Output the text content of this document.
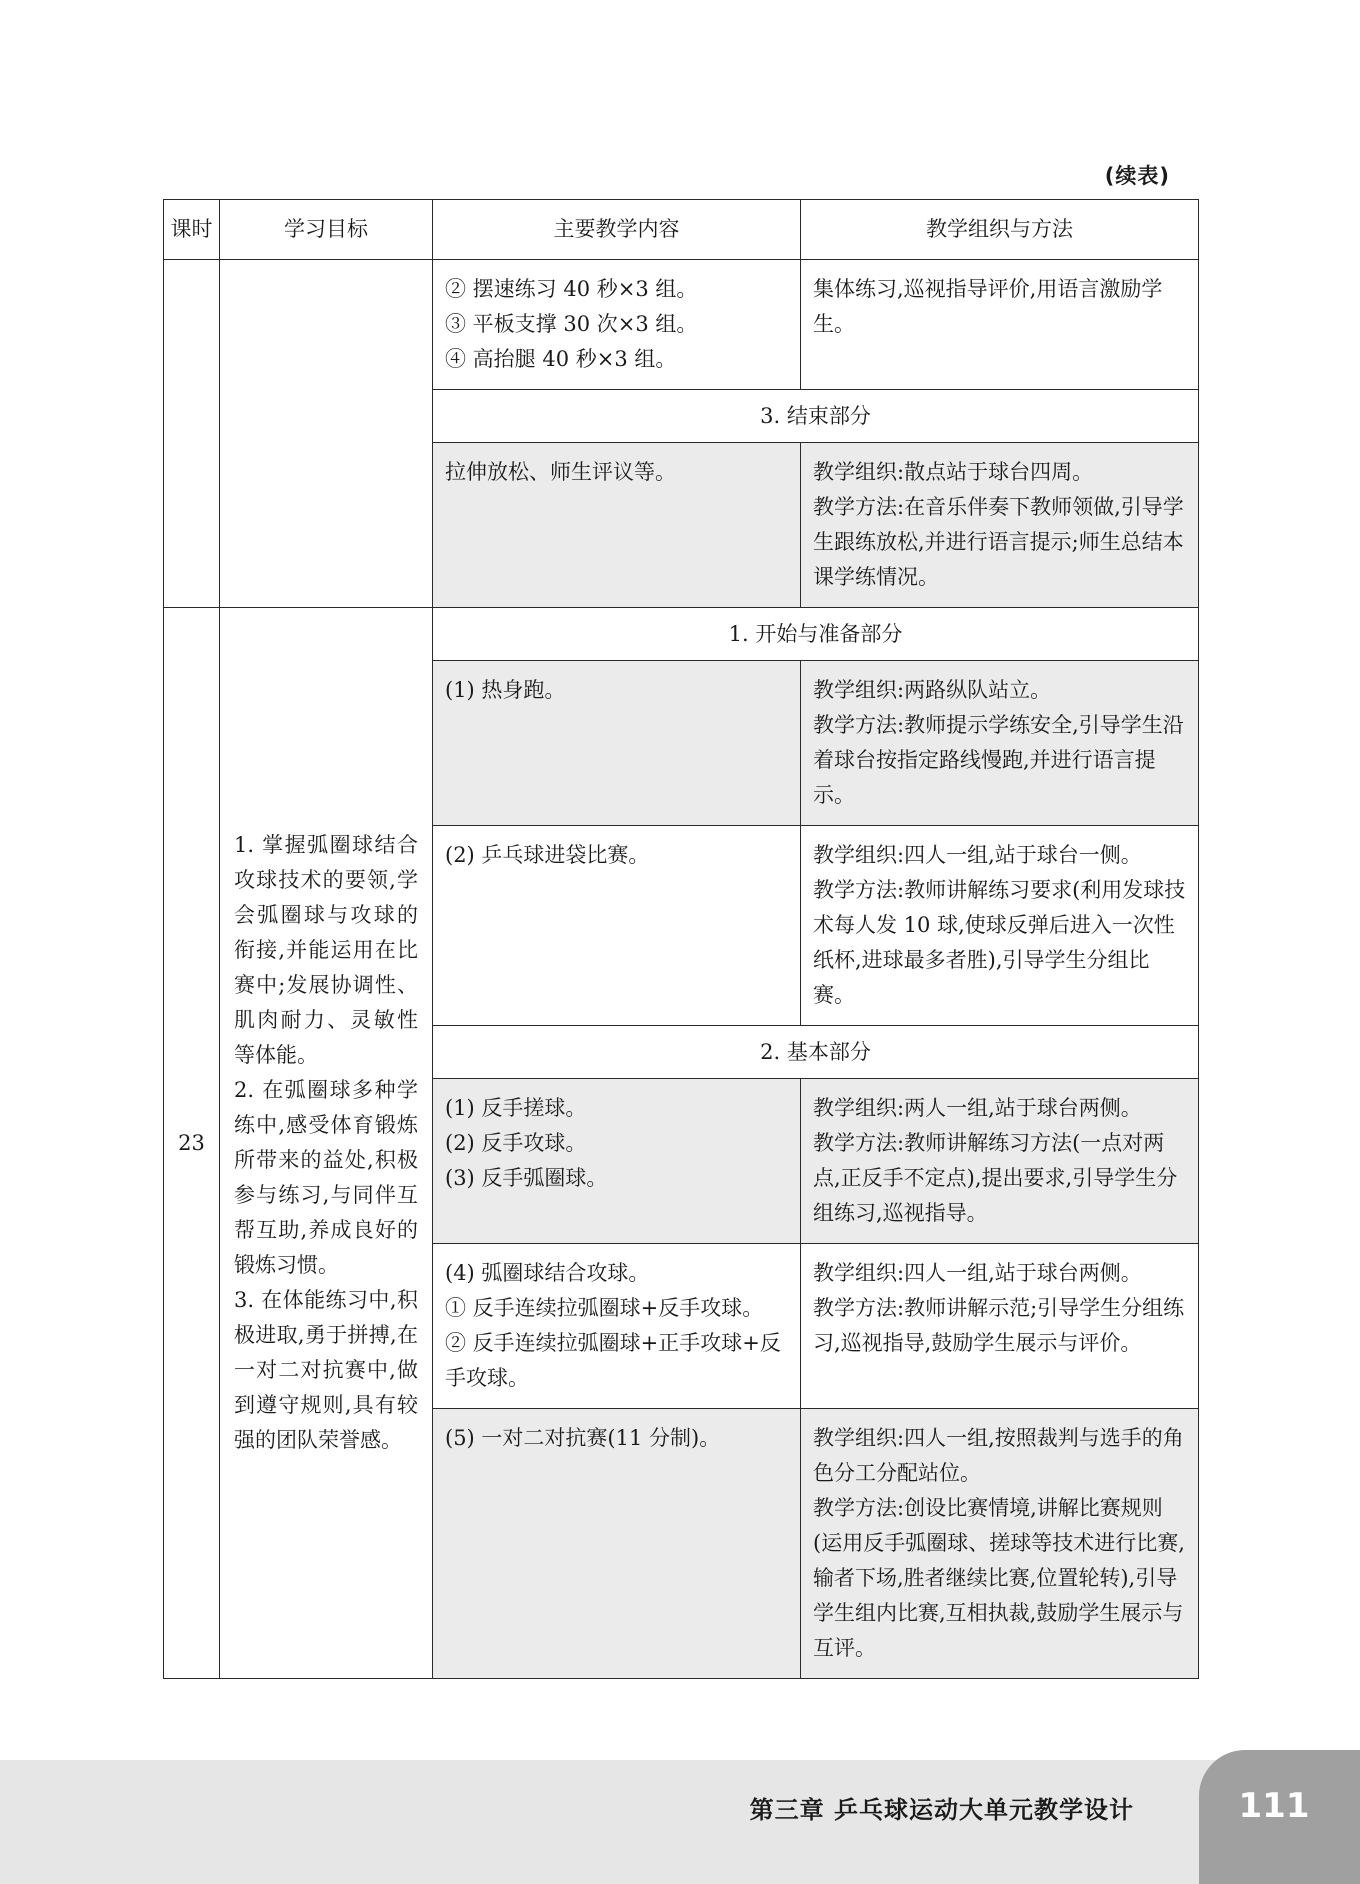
(续表)
课时	学习目标	主要教学内容	教学组织与方法

		② 摆速练习 40 秒×3 组。
③ 平板支撑 30 次×3 组。
④ 高抬腿 40 秒×3 组。	集体练习,巡视指导评价,用语言激励学生。

		3. 结束部分	

		拉伸放松、师生评议等。	教学组织:散点站于球台四周。
教学方法:在音乐伴奏下教师领做,引导学生跟练放松,并进行语言提示;师生总结本课学练情况。

23	1. 掌握弧圈球结合攻球技术的要领,学会弧圈球与攻球的衔接,并能运用在比赛中;发展协调性、肌肉耐力、灵敏性等体能。
2. 在弧圈球多种学练中,感受体育锻炼所带来的益处,积极参与练习,与同伴互帮互助,养成良好的锻炼习惯。
3. 在体能练习中,积极进取,勇于拼搏,在一对二对抗赛中,做到遵守规则,具有较强的团队荣誉感。	1. 开始与准备部分	

		(1) 热身跑。	教学组织:两路纵队站立。
教学方法:教师提示学练安全,引导学生沿着球台按指定路线慢跑,并进行语言提示。

		(2) 乒乓球进袋比赛。	教学组织:四人一组,站于球台一侧。
教学方法:教师讲解练习要求(利用发球技术每人发 10 球,使球反弹后进入一次性纸杯,进球最多者胜),引导学生分组比赛。

		2. 基本部分	

		(1) 反手搓球。
(2) 反手攻球。
(3) 反手弧圈球。	教学组织:两人一组,站于球台两侧。
教学方法:教师讲解练习方法(一点对两点,正反手不定点),提出要求,引导学生分组练习,巡视指导。

		(4) 弧圈球结合攻球。
① 反手连续拉弧圈球+反手攻球。
② 反手连续拉弧圈球+正手攻球+反手攻球。	教学组织:四人一组,站于球台两侧。
教学方法:教师讲解示范;引导学生分组练习,巡视指导,鼓励学生展示与评价。

		(5) 一对二对抗赛(11 分制)。	教学组织:四人一组,按照裁判与选手的角色分工分配站位。
教学方法:创设比赛情境,讲解比赛规则(运用反手弧圈球、搓球等技术进行比赛,输者下场,胜者继续比赛,位置轮转),引导学生组内比赛,互相执裁,鼓励学生展示与互评。
第三章 乒乓球运动大单元教学设计	111
